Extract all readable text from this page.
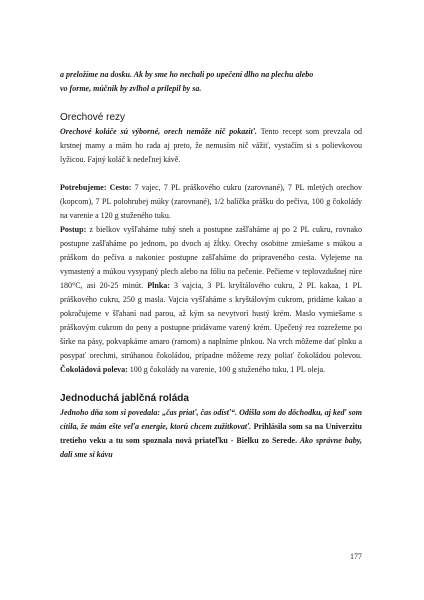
a preložíme na dosku. Ak by sme ho nechali po upečení dlho na plechu alebo
vo forme, múčnik by zvlhol a prilepil by sa.

Orechové rezy

Orechové koláče sú výborné, orech nemôže nič pokaziť. Tento recept som prevzala od krstnej mamy a mám ho rada aj preto, že nemusím nič vážiť, vystačím si s polievkovou lyžicou. Fajný koláč k nedeľnej kávě.

Potrebujeme: Cesto: 7 vajec, 7 PL práškového cukru (zarovnané), 7 PL mletých orechov (kopcom), 7 PL polohrubej múky (zarovnané), 1/2 balíčka prášku do pečiva, 100 g čokolády na varenie a 120 g stuženého tuku.

Postup: z bielkov vyšľaháme tuhý sneh a postupne zašľaháme aj po 2 PL cukru, rovnako postupne zašľaháme po jednom, po dvoch aj žĺtky. Orechy osobitne zmiešame s múkou a práškom do pečiva a nakoniec postupne zašľaháme do pripraveného cesta. Vylejeme na vymastený a múkou vysypaný plech alebo na fóliu na pečenie. Pečieme v teplovzdušnej rúre 180°C, asi 20-25 minút. Plnka: 3 vajcia, 3 PL kryštálového cukru, 2 PL kakaa, 1 PL práškového cukru, 250 g masla. Vajcia vyšľaháme s kryštálovým cukrom, pridáme kakao a pokračujeme v šľahaní nad parou, až kým sa nevytvorí hustý krém. Maslo vymiešame s práškovým cukrom do peny a postupne pridávame varený krém. Upečený rez rozrežeme po šírke na pásy, pokvapkáme amaro (ramom) a naplníme plnkou. Na vrch môžeme dať plnku a posypať orechmi, strúhanou čokoládou, prípadne môžeme rezy poliať čokoládou polevou. Čokoládová poleva: 100 g čokolády na varenie, 100 g stuženého tuku, 1 PL oleja.

Jednoduchá jablčná roláda

Jednoho dňa som si povedala: „čas priať, čas odísť“. Odišla som do dôchodku, aj keď som cítila, že mám ešte veľa energie, ktorú chcem zužitkovať. Prihlásila som sa na Univerzitu tretieho veku a tu som spoznala nová priateľku - Bielku zo Serede. Ako správne baby, dali sme si kávu

177
